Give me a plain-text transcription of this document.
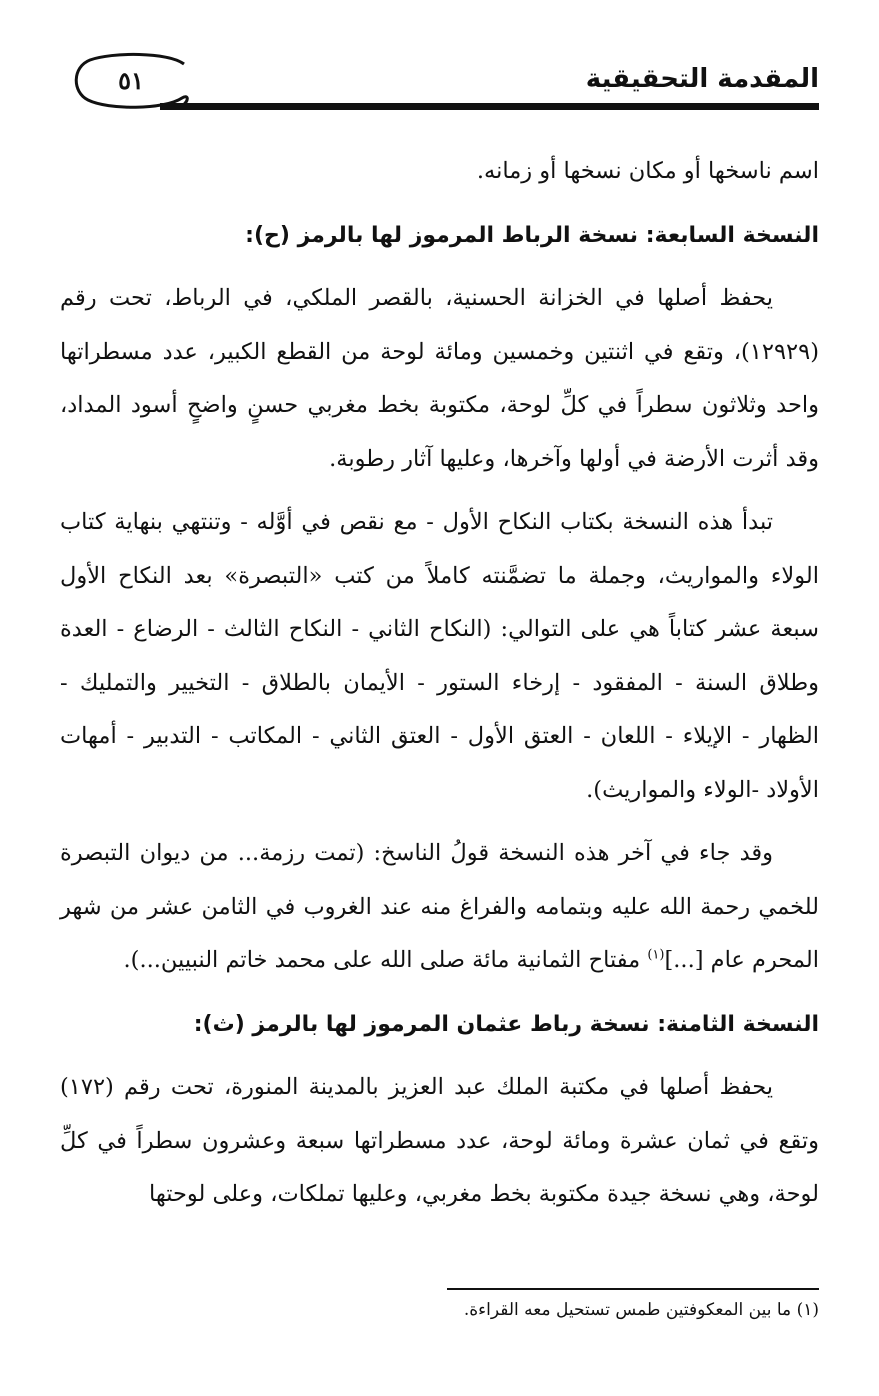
٥١	المقدمة التحقيقية

اسم ناسخها أو مكان نسخها أو زمانه.

النسخة السابعة: نسخة الرباط المرموز لها بالرمز (ح):

يحفظ أصلها في الخزانة الحسنية، بالقصر الملكي، في الرباط، تحت رقم (١٢٩٢٩)، وتقع في اثنتين وخمسين ومائة لوحة من القطع الكبير، عدد مسطراتها واحد وثلاثون سطراً في كلِّ لوحة، مكتوبة بخط مغربي حسنٍ واضحٍ أسود المداد، وقد أثرت الأرضة في أولها وآخرها، وعليها آثار رطوبة.

تبدأ هذه النسخة بكتاب النكاح الأول - مع نقص في أوَّله - وتنتهي بنهاية كتاب الولاء والمواريث، وجملة ما تضمَّنته كاملاً من كتب «التبصرة» بعد النكاح الأول سبعة عشر كتاباً هي على التوالي: (النكاح الثاني - النكاح الثالث - الرضاع - العدة وطلاق السنة - المفقود - إرخاء الستور - الأيمان بالطلاق - التخيير والتمليك - الظهار - الإيلاء - اللعان - العتق الأول - العتق الثاني - المكاتب - التدبير - أمهات الأولاد -الولاء والمواريث).

وقد جاء في آخر هذه النسخة قولُ الناسخ: (تمت رزمة... من ديوان التبصرة للخمي رحمة الله عليه وبتمامه والفراغ منه عند الغروب في الثامن عشر من شهر المحرم عام [...]$^{(١)}$ مفتاح الثمانية مائة صلى الله على محمد خاتم النبيين...).

النسخة الثامنة: نسخة رباط عثمان المرموز لها بالرمز (ث):

يحفظ أصلها في مكتبة الملك عبد العزيز بالمدينة المنورة، تحت رقم (١٧٢) وتقع في ثمان عشرة ومائة لوحة، عدد مسطراتها سبعة وعشرون سطراً في كلِّ لوحة، وهي نسخة جيدة مكتوبة بخط مغربي، وعليها تملكات، وعلى لوحتها

(١) ما بين المعكوفتين طمس تستحيل معه القراءة.
